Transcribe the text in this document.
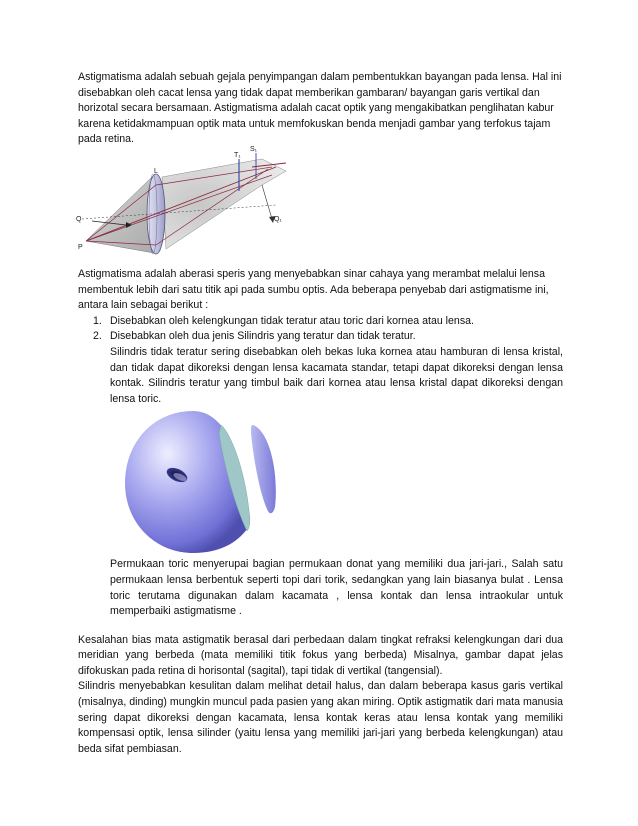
Astigmatisma adalah sebuah gejala penyimpangan dalam pembentukkan bayangan pada lensa. Hal ini disebabkan oleh cacat lensa yang tidak dapat memberikan gambaran/ bayangan garis vertikal dan horizotal secara bersamaan. Astigmatisma adalah cacat optik yang mengakibatkan penglihatan kabur karena ketidakmampuan optik mata untuk memfokuskan benda menjadi gambar yang terfokus tajam pada retina.

L
Q
P
T₁
S₁
Q₁

Astigmatisma adalah aberasi speris yang menyebabkan sinar cahaya yang merambat melalui lensa membentuk lebih dari satu titik api pada sumbu optis. Ada beberapa penyebab dari astigmatisme ini, antara lain sebagai berikut :

1. Disebabkan oleh kelengkungan tidak teratur atau toric dari kornea atau lensa.
2. Disebabkan oleh dua jenis Silindris yang teratur dan tidak teratur.

Silindris tidak teratur sering disebabkan oleh bekas luka kornea atau hamburan di lensa kristal, dan tidak dapat dikoreksi dengan lensa kacamata standar, tetapi dapat dikoreksi dengan lensa kontak. Silindris teratur yang timbul baik dari kornea atau lensa kristal dapat dikoreksi dengan lensa toric.

Permukaan toric menyerupai bagian permukaan donat yang memiliki dua jari-jari., Salah satu permukaan lensa berbentuk seperti topi dari torik, sedangkan yang lain biasanya bulat . Lensa toric terutama digunakan dalam kacamata , lensa kontak dan lensa intraokular untuk memperbaiki astigmatisme .

Kesalahan bias mata astigmatik berasal dari perbedaan dalam tingkat refraksi kelengkungan dari dua meridian yang berbeda (mata memiliki titik fokus yang berbeda) Misalnya, gambar dapat jelas difokuskan pada retina di horisontal (sagital), tapi tidak di vertikal (tangensial).

Silindris menyebabkan kesulitan dalam melihat detail halus, dan dalam beberapa kasus garis vertikal (misalnya, dinding) mungkin muncul pada pasien yang akan miring. Optik astigmatik dari mata manusia sering dapat dikoreksi dengan kacamata, lensa kontak keras atau lensa kontak yang memiliki kompensasi optik, lensa silinder (yaitu lensa yang memiliki jari-jari yang berbeda kelengkungan) atau beda sifat pembiasan.
